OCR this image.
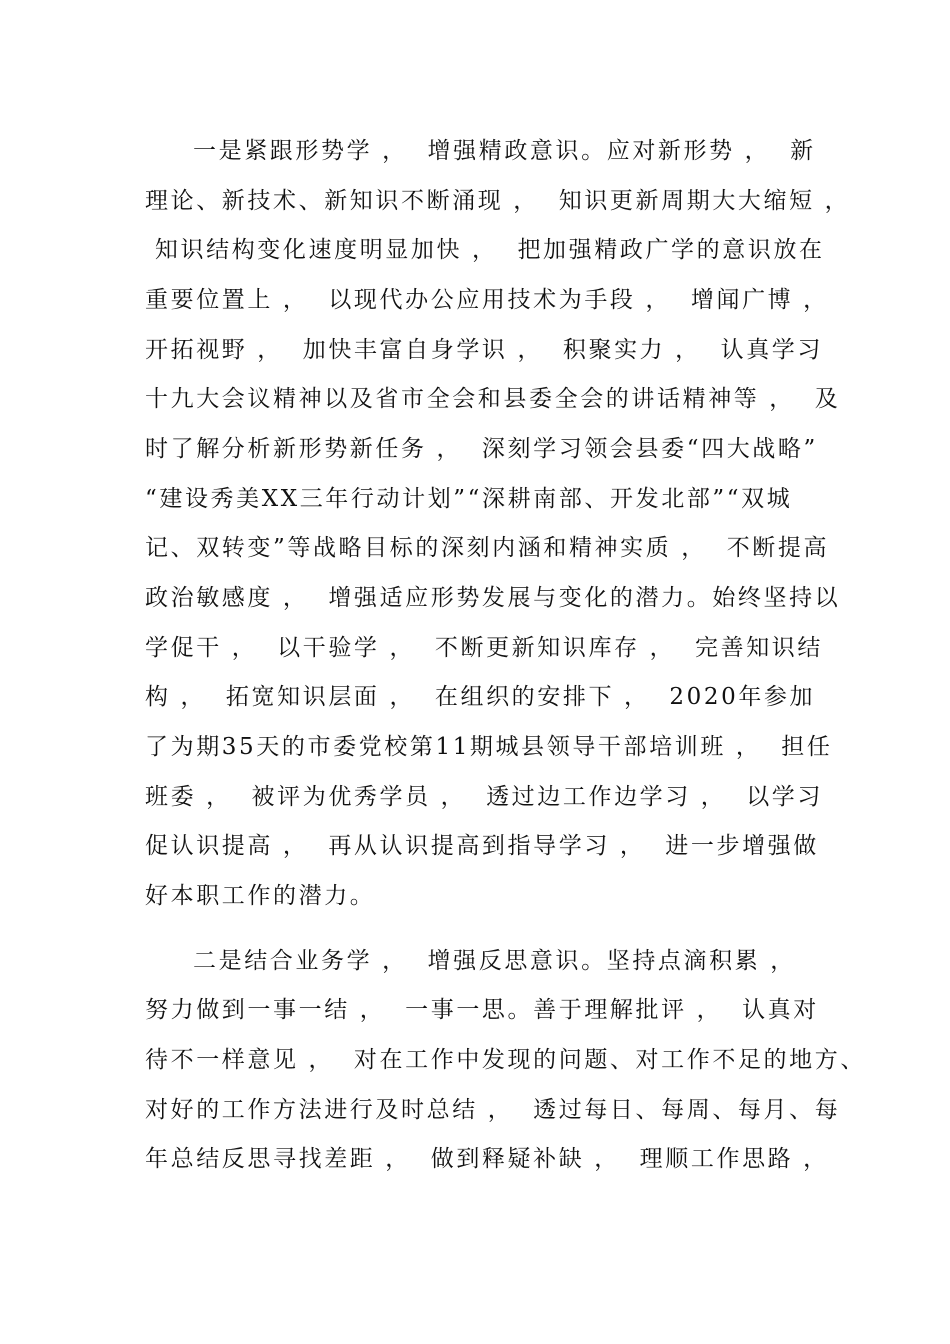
一是紧跟形势学 ，  增强精政意识。应对新形势 ，  新
理论、新技术、新知识不断涌现 ，  知识更新周期大大缩短 ，
知识结构变化速度明显加快 ，  把加强精政广学的意识放在
重要位置上 ，  以现代办公应用技术为手段 ，  增闻广博 ，
开拓视野 ，  加快丰富自身学识 ，  积聚实力 ，  认真学习
十九大会议精神以及省市全会和县委全会的讲话精神等 ，  及
时了解分析新形势新任务 ，  深刻学习领会县委“四大战略”
“建设秀美XX三年行动计划”“深耕南部、开发北部”“双城
记、双转变”等战略目标的深刻内涵和精神实质 ，  不断提高
政治敏感度 ，  增强适应形势发展与变化的潜力。始终坚持以
学促干 ，  以干验学 ，  不断更新知识库存 ，  完善知识结
构 ，  拓宽知识层面 ，  在组织的安排下 ，  2020年参加
了为期35天的市委党校第11期城县领导干部培训班 ，  担任
班委 ，  被评为优秀学员 ，  透过边工作边学习 ，  以学习
促认识提高 ，  再从认识提高到指导学习 ，  进一步增强做
好本职工作的潜力。
二是结合业务学 ，  增强反思意识。坚持点滴积累 ，
努力做到一事一结 ，  一事一思。善于理解批评 ，  认真对
待不一样意见 ，  对在工作中发现的问题、对工作不足的地方、
对好的工作方法进行及时总结 ，  透过每日、每周、每月、每
年总结反思寻找差距 ，  做到释疑补缺 ，  理顺工作思路 ，
